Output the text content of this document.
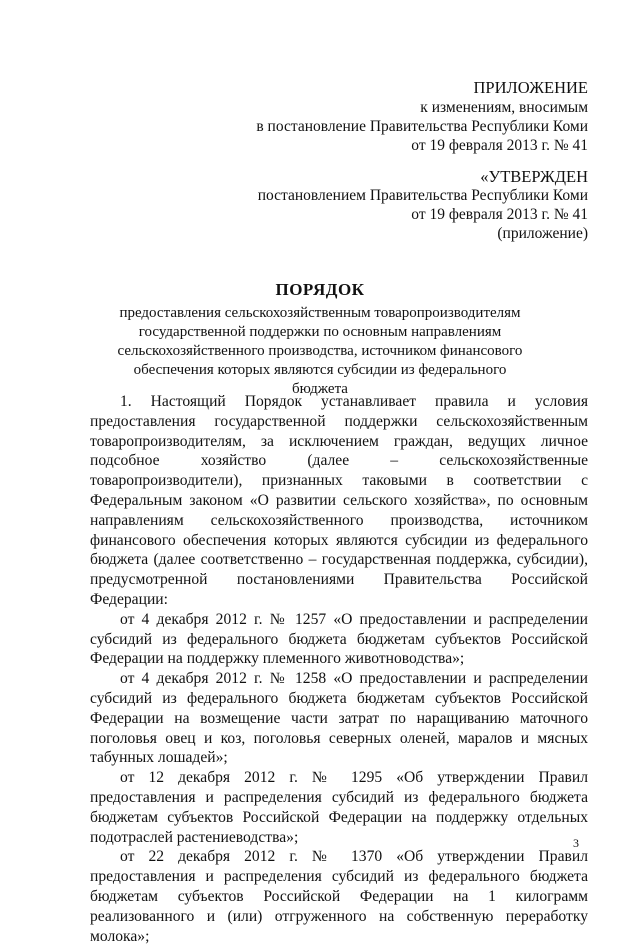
ПРИЛОЖЕНИЕ
к изменениям, вносимым
в постановление Правительства Республики Коми
от 19 февраля 2013 г. № 41
«УТВЕРЖДЕН
постановлением Правительства Республики Коми
от 19 февраля 2013 г. № 41
(приложение)
ПОРЯДОК
предоставления сельскохозяйственным товаропроизводителям
государственной поддержки по основным направлениям
сельскохозяйственного производства, источником финансового
обеспечения которых являются субсидии из федерального бюджета

1. Настоящий Порядок устанавливает правила и условия предоставления государственной поддержки сельскохозяйственным товаропроизводителям, за исключением граждан, ведущих личное подсобное хозяйство (далее – сельскохозяйственные товаропроизводители), признанных таковыми в соответствии с Федеральным законом «О развитии сельского хозяйства», по основным направлениям сельскохозяйственного производства, источником финансового обеспечения которых являются субсидии из федерального бюджета (далее соответственно – государственная поддержка, субсидии), предусмотренной постановлениями Правительства Российской Федерации:

от 4 декабря 2012 г. № 1257 «О предоставлении и распределении субсидий из федерального бюджета бюджетам субъектов Российской Федерации на поддержку племенного животноводства»;

от 4 декабря 2012 г. № 1258 «О предоставлении и распределении субсидий из федерального бюджета бюджетам субъектов Российской Федерации на возмещение части затрат по наращиванию маточного поголовья овец и коз, поголовья северных оленей, маралов и мясных табунных лошадей»;

от 12 декабря 2012 г. № 1295 «Об утверждении Правил предоставления и распределения субсидий из федерального бюджета бюджетам субъектов Российской Федерации на поддержку отдельных подотраслей растениеводства»;

от 22 декабря 2012 г. № 1370 «Об утверждении Правил предоставления и распределения субсидий из федерального бюджета бюджетам субъектов Российской Федерации на 1 килограмм реализованного и (или) отгруженного на собственную переработку молока»;

3
